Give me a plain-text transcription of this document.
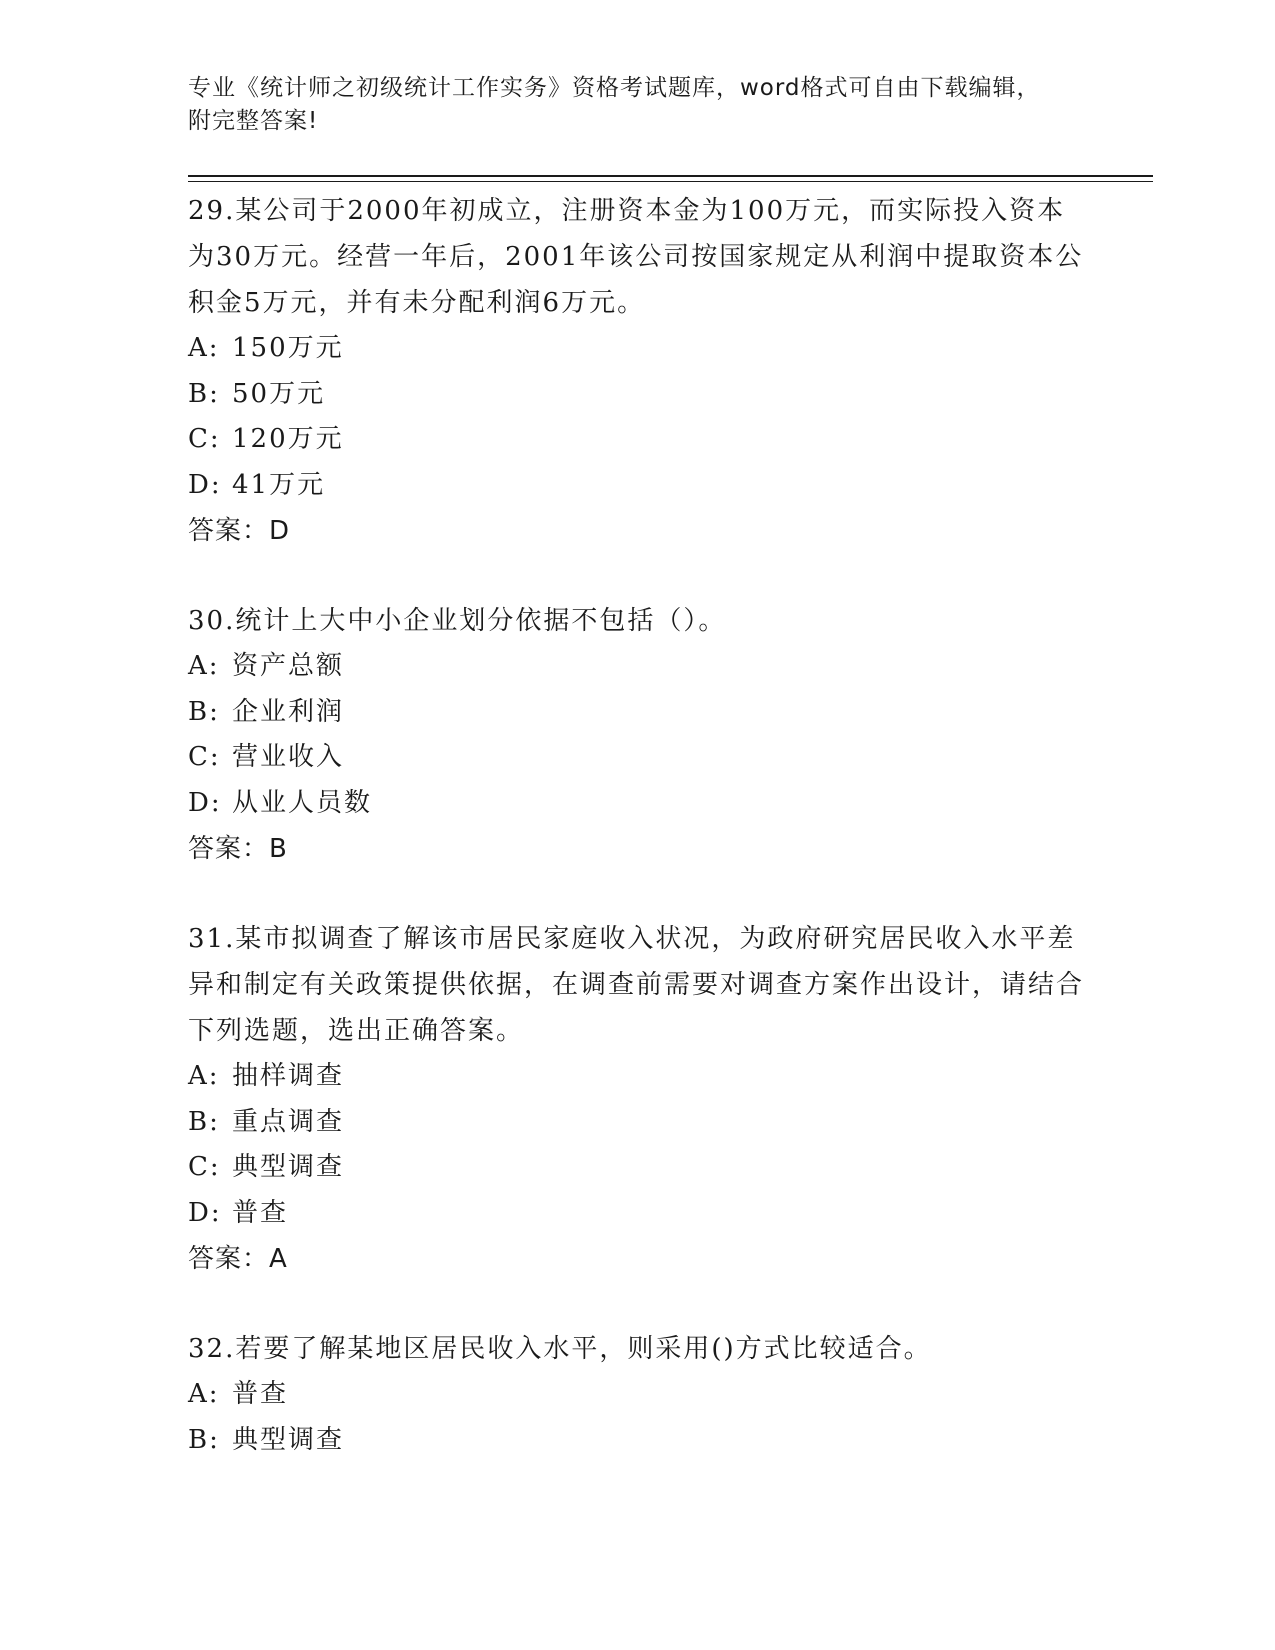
专业《统计师之初级统计工作实务》资格考试题库，word格式可自由下载编辑，
附完整答案!
29.某公司于2000年初成立，注册资本金为100万元，而实际投入资本为30万元。经营一年后，2001年该公司按国家规定从利润中提取资本公积金5万元，并有未分配利润6万元。
A: 150万元
B: 50万元
C: 120万元
D: 41万元
答案：D
30.统计上大中小企业划分依据不包括（）。
A: 资产总额
B: 企业利润
C: 营业收入
D: 从业人员数
答案：B
31.某市拟调查了解该市居民家庭收入状况，为政府研究居民收入水平差异和制定有关政策提供依据，在调查前需要对调查方案作出设计，请结合下列选题，选出正确答案。
A: 抽样调查
B: 重点调查
C: 典型调查
D: 普查
答案：A
32.若要了解某地区居民收入水平，则采用()方式比较适合。
A: 普查
B: 典型调查
